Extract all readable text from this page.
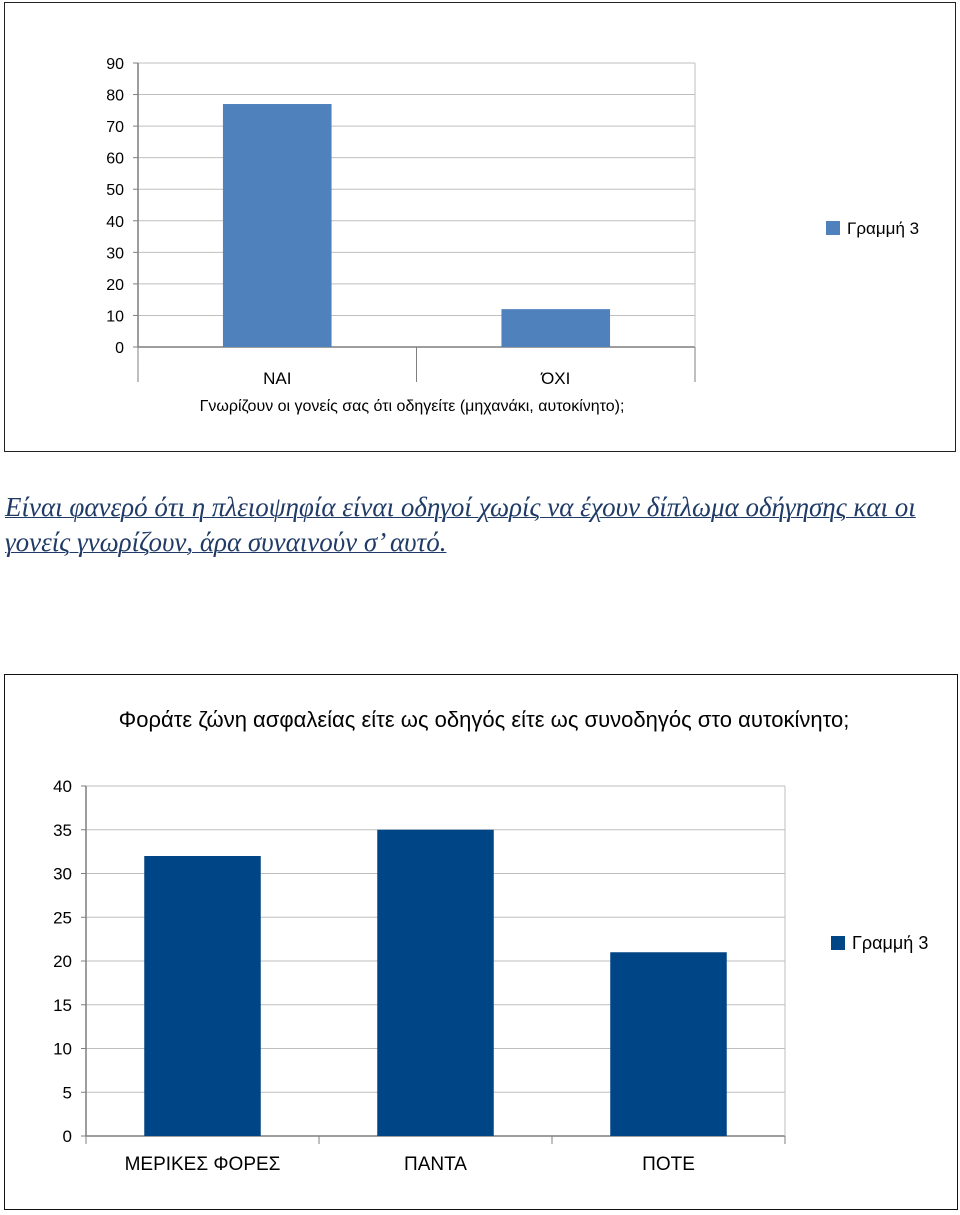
0
10
20
30
40
50
60
70
80
90
ΝΑΙ	ΌΧΙ
Γνωρίζουν οι γονείς σας ότι οδηγείτε (μηχανάκι, αυτοκίνητο);
Γραμμή 3

Είναι φανερό ότι η πλειοψηφία είναι οδηγοί χωρίς να έχουν δίπλωμα οδήγησης και οι γονείς γνωρίζουν, άρα συναινούν σ’ αυτό.

Φοράτε ζώνη ασφαλείας είτε ως οδηγός είτε ως συνοδηγός στο αυτοκίνητο;
0
5
10
15
20
25
30
35
40
ΜΕΡΙΚΕΣ ΦΟΡΕΣ	ΠΑΝΤΑ	ΠΟΤΕ
Γραμμή 3
